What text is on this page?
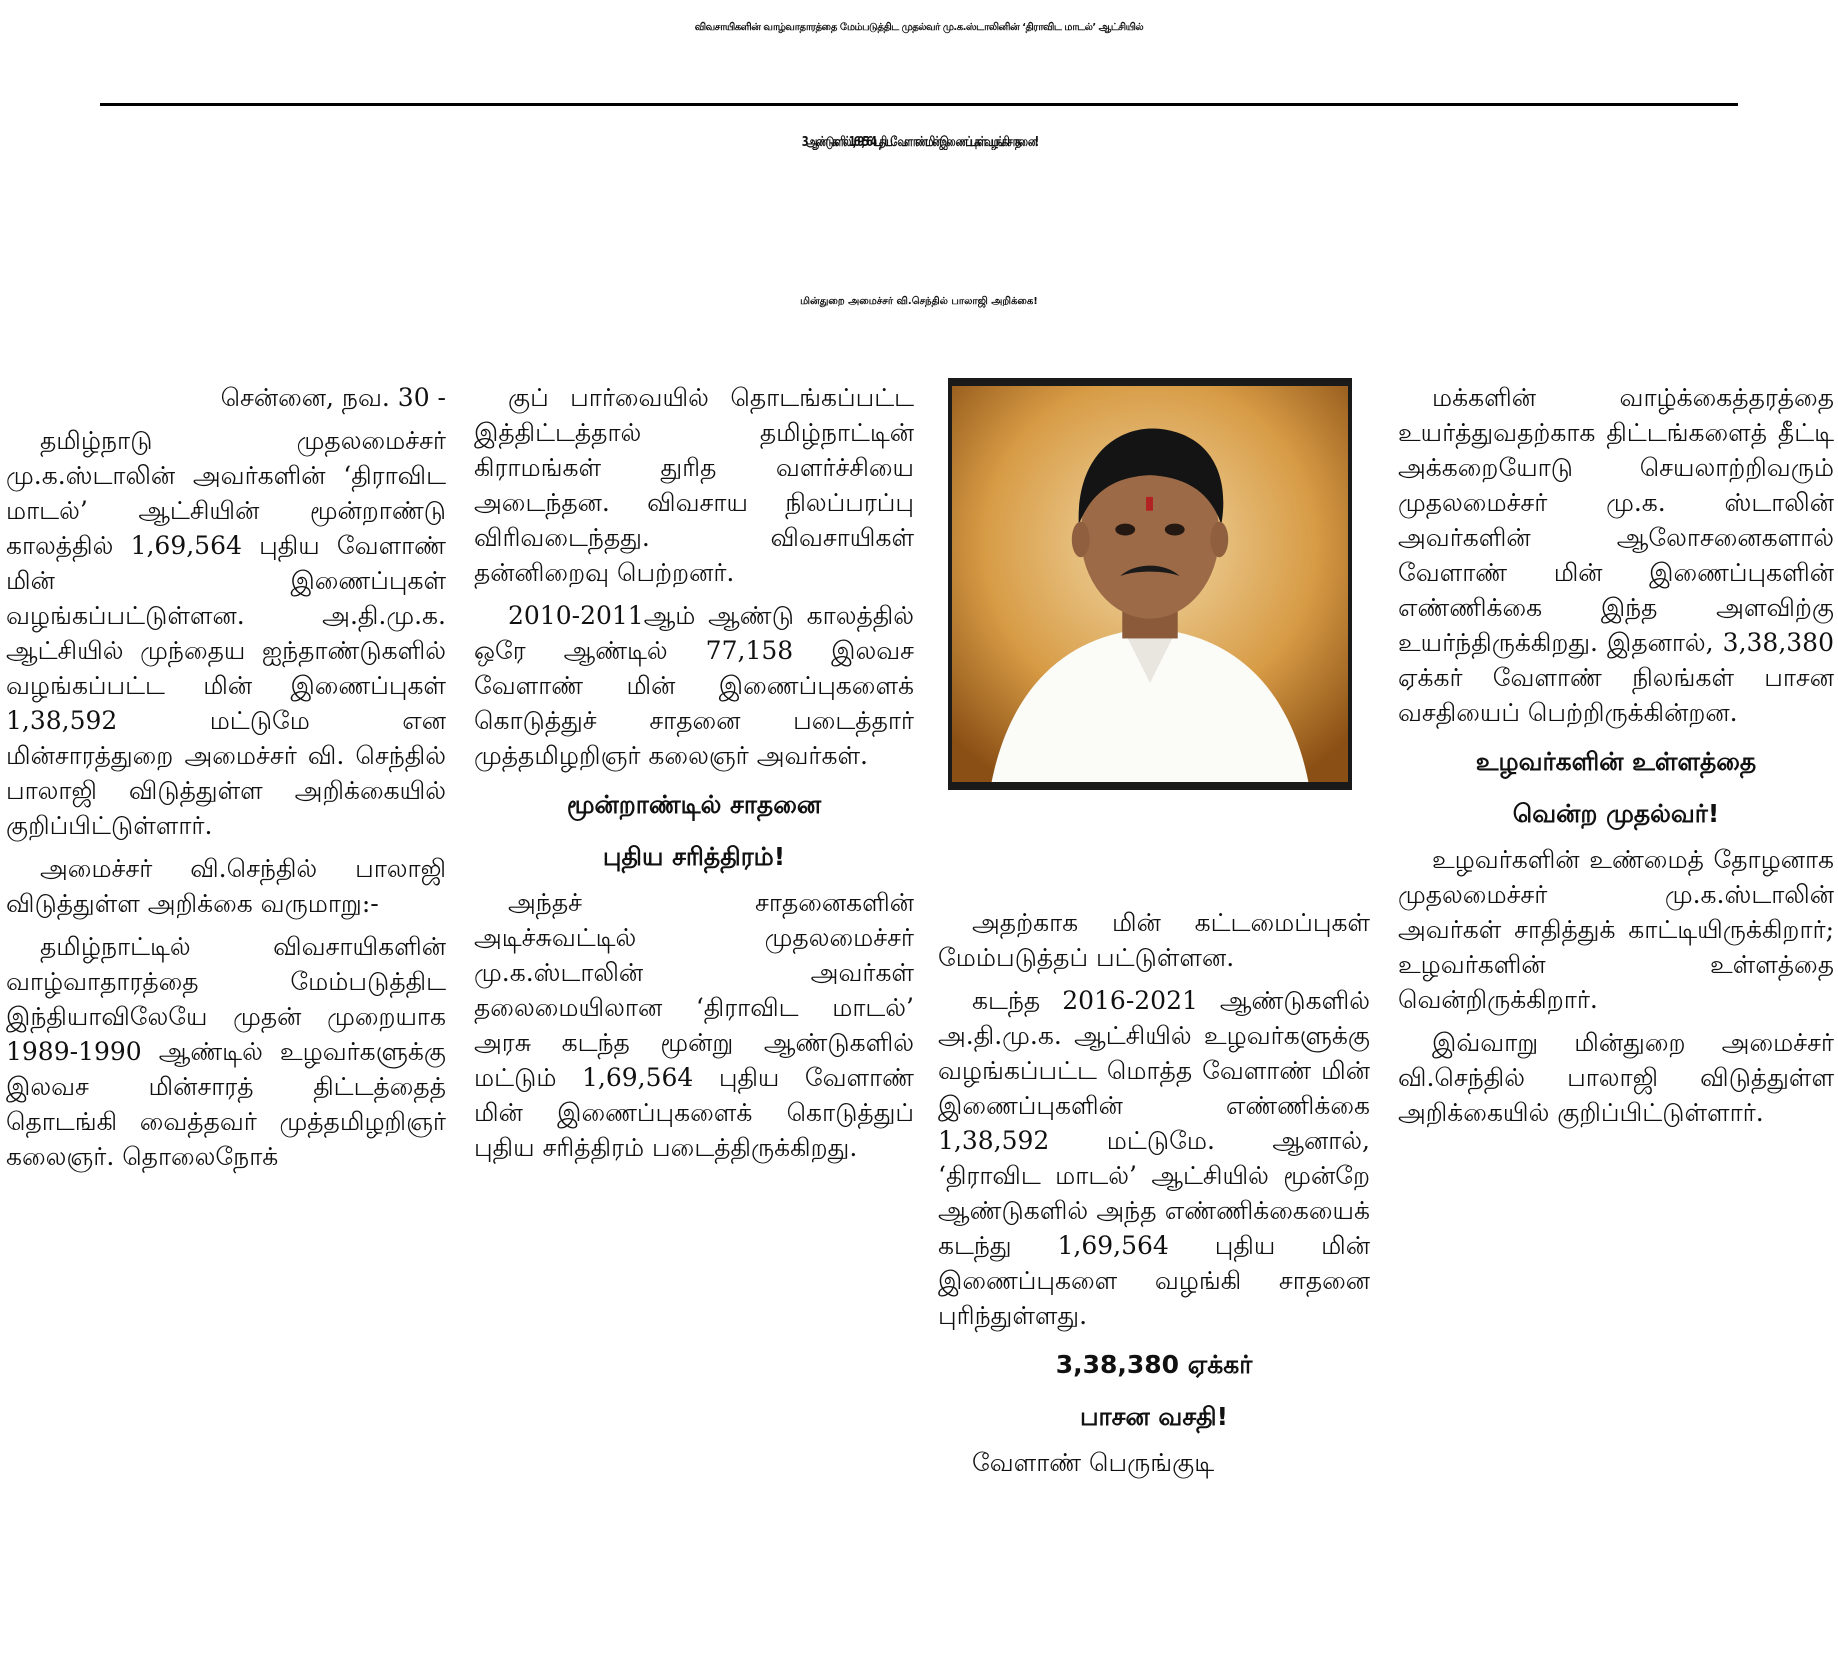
விவசாயிகளின் வாழ்வாதாரத்தை மேம்படுத்திட முதல்வர் மு.க.ஸ்டாலினின் ‘திராவிட மாடல்’ ஆட்சியில்
3 ஆண்டுகளில் 1,69,564 புதிய வேளாண் மின் இணைப்புகள் வழங்கி சாதனை!
மின்துறை அமைச்சர் வி.செந்தில் பாலாஜி அறிக்கை!

சென்னை, நவ. 30 -

தமிழ்நாடு முதலமைச்சர் மு.க.ஸ்டாலின் அவர்களின் ‘திராவிட மாடல்’ ஆட்சியின் மூன்றாண்டு காலத்தில் 1,69,564 புதிய வேளாண் மின் இணைப்புகள் வழங்கப்பட்டுள்ளன. அ.தி.மு.க. ஆட்சியில் முந்தைய ஐந்தாண்டுகளில் வழங்கப்பட்ட மின் இணைப்புகள் 1,38,592 மட்டுமே என மின்சாரத்துறை அமைச்சர் வி. செந்தில் பாலாஜி விடுத்துள்ள அறிக்கையில் குறிப்பிட்டுள்ளார்.

அமைச்சர் வி.செந்தில் பாலாஜி விடுத்துள்ள அறிக்கை வருமாறு:-

தமிழ்நாட்டில் விவசாயிகளின் வாழ்வாதாரத்தை மேம்படுத்திட இந்தியாவிலேயே முதன் முறையாக 1989-1990 ஆண்டில் உழவர்களுக்கு இலவச மின்சாரத் திட்டத்தைத் தொடங்கி வைத்தவர் முத்தமிழறிஞர் கலைஞர். தொலைநோக்

குப் பார்வையில் தொடங்கப்பட்ட இத்திட்டத்தால் தமிழ்நாட்டின் கிராமங்கள் துரித வளர்ச்சியை அடைந்தன. விவசாய நிலப்பரப்பு விரிவடைந்தது. விவசாயிகள் தன்னிறைவு பெற்றனர்.

2010-2011ஆம் ஆண்டு காலத்தில் ஒரே ஆண்டில் 77,158 இலவச வேளாண் மின் இணைப்புகளைக் கொடுத்துச் சாதனை படைத்தார் முத்தமிழறிஞர் கலைஞர் அவர்கள்.

மூன்றாண்டில் சாதனை
புதிய சரித்திரம்!

அந்தச் சாதனைகளின் அடிச்சுவட்டில் முதலமைச்சர் மு.க.ஸ்டாலின் அவர்கள் தலைமையிலான ‘திராவிட மாடல்’ அரசு கடந்த மூன்று ஆண்டுகளில் மட்டும் 1,69,564 புதிய வேளாண் மின் இணைப்புகளைக் கொடுத்துப் புதிய சரித்திரம் படைத்திருக்கிறது.

அதற்காக மின் கட்டமைப்புகள் மேம்படுத்தப் பட்டுள்ளன.

கடந்த 2016-2021 ஆண்டுகளில் அ.தி.மு.க. ஆட்சியில் உழவர்களுக்கு வழங்கப்பட்ட மொத்த வேளாண் மின் இணைப்புகளின் எண்ணிக்கை 1,38,592 மட்டுமே. ஆனால், ‘திராவிட மாடல்’ ஆட்சியில் மூன்றே ஆண்டுகளில் அந்த எண்ணிக்கையைக் கடந்து 1,69,564 புதிய மின் இணைப்புகளை வழங்கி சாதனை புரிந்துள்ளது.

3,38,380 ஏக்கர்
பாசன வசதி!

வேளாண் பெருங்குடி

மக்களின் வாழ்க்கைத்தரத்தை உயர்த்துவதற்காக திட்டங்களைத் தீட்டி அக்கறையோடு செயலாற்றிவரும் முதலமைச்சர் மு.க. ஸ்டாலின் அவர்களின் ஆலோசனைகளால் வேளாண் மின் இணைப்புகளின் எண்ணிக்கை இந்த அளவிற்கு உயர்ந்திருக்கிறது. இதனால், 3,38,380 ஏக்கர் வேளாண் நிலங்கள் பாசன வசதியைப் பெற்றிருக்கின்றன.

உழவர்களின் உள்ளத்தை
வென்ற முதல்வர்!

உழவர்களின் உண்மைத் தோழனாக முதலமைச்சர் மு.க.ஸ்டாலின் அவர்கள் சாதித்துக் காட்டியிருக்கிறார்; உழவர்களின் உள்ளத்தை வென்றிருக்கிறார்.

இவ்வாறு மின்துறை அமைச்சர் வி.செந்தில் பாலாஜி விடுத்துள்ள அறிக்கையில் குறிப்பிட்டுள்ளார்.
